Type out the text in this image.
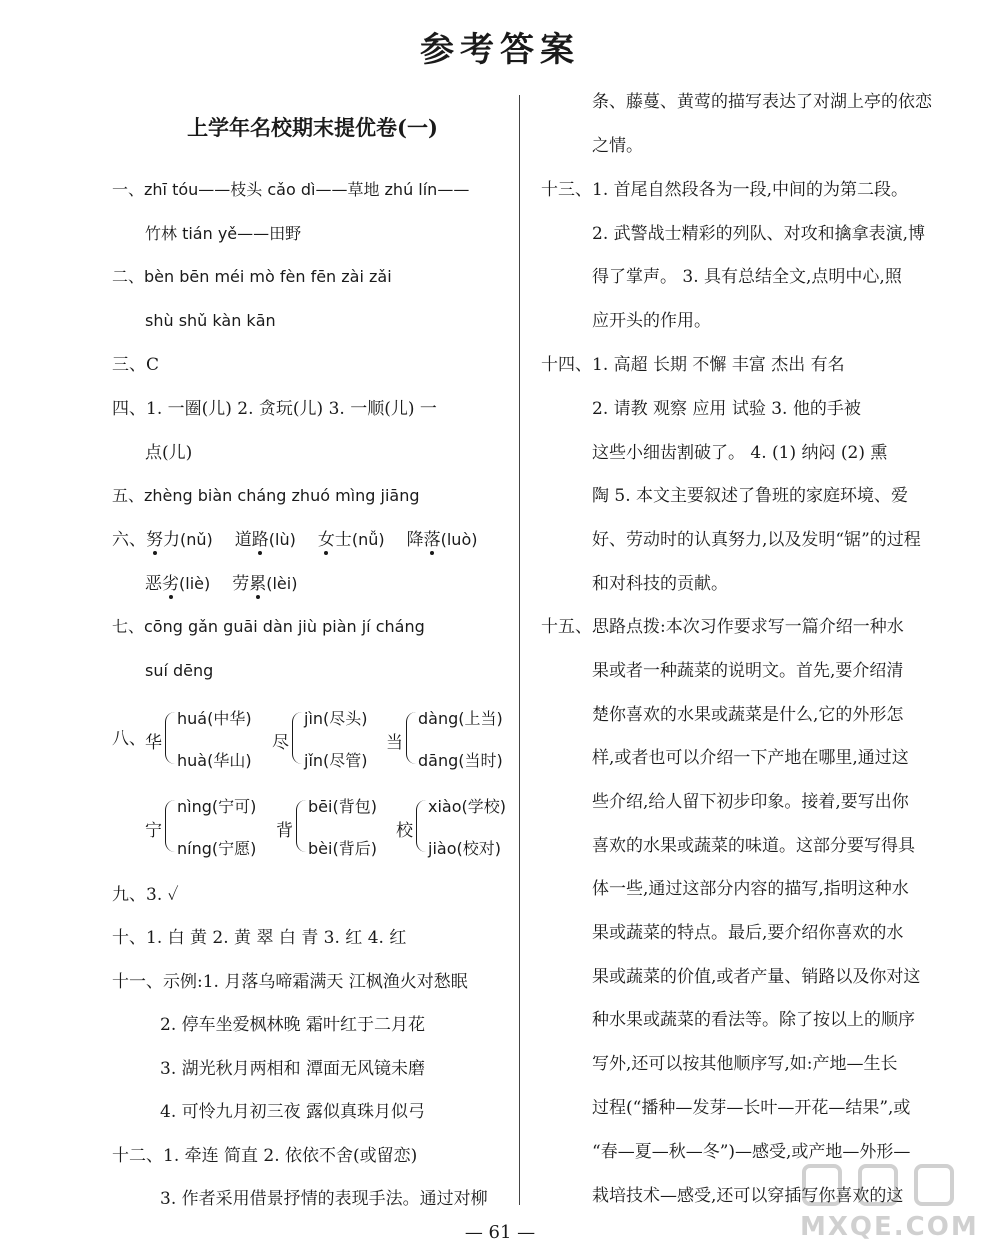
参考答案
上学年名校期末提优卷(一)
一、zhī tóu——枝头 cǎo dì——草地 zhú lín——
竹林 tián yě——田野
二、bèn bēn méi mò fèn fēn zài zǎi
shù shǔ kàn kān
三、C
四、1. 一圈(儿) 2. 贪玩(儿) 3. 一顺(儿) 一
点(儿)
五、zhèng biàn cháng zhuó mìng jiāng
六、努力(nǔ) 道路(lù) 女士(nǚ) 降落(luò)
恶劣(liè) 劳累(lèi)
七、cōng gǎn guāi dàn jiù piàn jí cháng
suí dēng
八、 华
huá(中华)
huà(华山)
尽
jìn(尽头)
jǐn(尽管)
当
dàng(上当)
dāng(当时)
宁
nìng(宁可)
níng(宁愿)
背
bēi(背包)
bèi(背后)
校
xiào(学校)
jiào(校对)
九、3. ✓
十、1. 白 黄 2. 黄 翠 白 青 3. 红 4. 红
十一、示例:1. 月落乌啼霜满天 江枫渔火对愁眠
2. 停车坐爱枫林晚 霜叶红于二月花
3. 湖光秋月两相和 潭面无风镜未磨
4. 可怜九月初三夜 露似真珠月似弓
十二、1. 牵连 简直 2. 依依不舍(或留恋)
3. 作者采用借景抒情的表现手法。通过对柳
条、藤蔓、黄莺的描写表达了对湖上亭的依恋
之情。
十三、1. 首尾自然段各为一段,中间的为第二段。
2. 武警战士精彩的列队、对攻和擒拿表演,博
得了掌声。 3. 具有总结全文,点明中心,照
应开头的作用。
十四、1. 高超 长期 不懈 丰富 杰出 有名
2. 请教 观察 应用 试验 3. 他的手被
这些小细齿割破了。 4. (1) 纳闷 (2) 熏
陶 5. 本文主要叙述了鲁班的家庭环境、爱
好、劳动时的认真努力,以及发明“锯”的过程
和对科技的贡献。
十五、思路点拨:本次习作要求写一篇介绍一种水
果或者一种蔬菜的说明文。首先,要介绍清
楚你喜欢的水果或蔬菜是什么,它的外形怎
样,或者也可以介绍一下产地在哪里,通过这
些介绍,给人留下初步印象。接着,要写出你
喜欢的水果或蔬菜的味道。这部分要写得具
体一些,通过这部分内容的描写,指明这种水
果或蔬菜的特点。最后,要介绍你喜欢的水
果或蔬菜的价值,或者产量、销路以及你对这
种水果或蔬菜的看法等。除了按以上的顺序
写外,还可以按其他顺序写,如:产地—生长
过程(“播种—发芽—长叶—开花—结果”,或
“春—夏—秋—冬”)—感受,或产地—外形—
栽培技术—感受,还可以穿插写你喜欢的这
— 61 —	MXQE.COM
